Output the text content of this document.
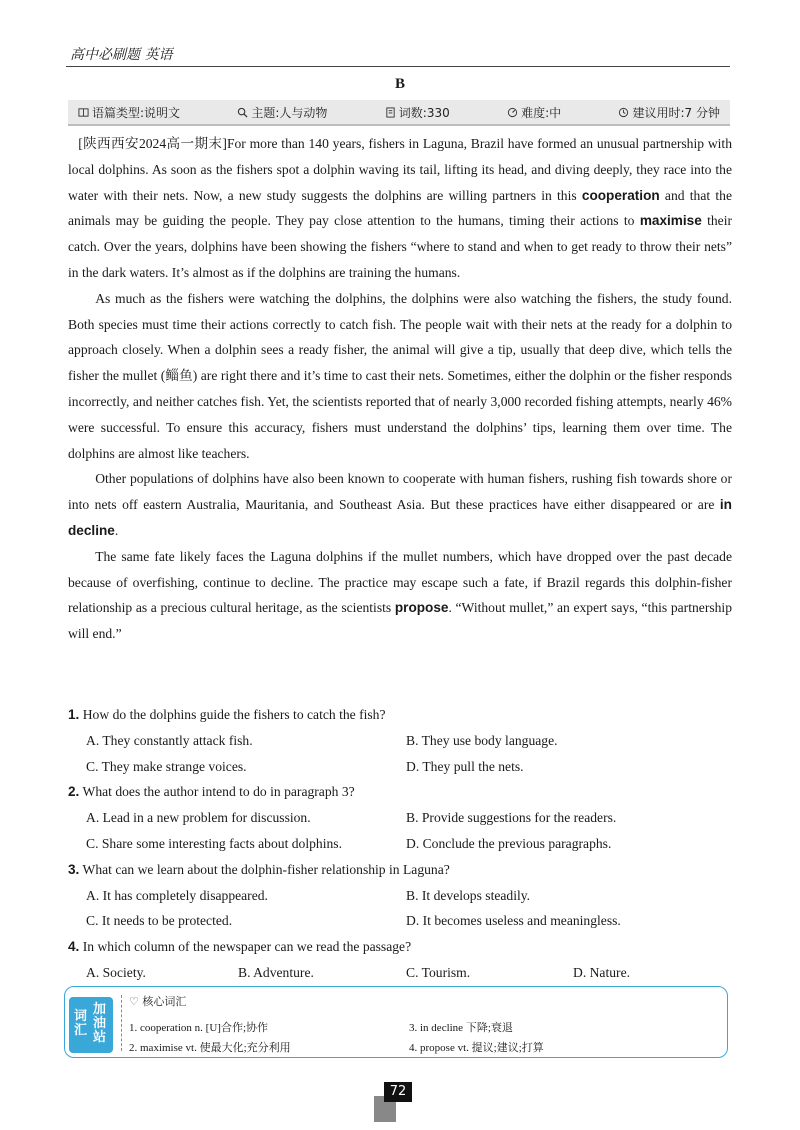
高中必刷题 英语
B
语篇类型:说明文	主题:人与动物	词数:330	难度:中	建议用时:7 分钟

[陕西西安2024高一期末]For more than 140 years, fishers in Laguna, Brazil have formed an unusual partnership with local dolphins. As soon as the fishers spot a dolphin waving its tail, lifting its head, and diving deeply, they race into the water with their nets. Now, a new study suggests the dolphins are willing partners in this cooperation and that the animals may be guiding the people. They pay close attention to the humans, timing their actions to maximise their catch. Over the years, dolphins have been showing the fishers “where to stand and when to get ready to throw their nets” in the dark waters. It’s almost as if the dolphins are training the humans.

As much as the fishers were watching the dolphins, the dolphins were also watching the fishers, the study found. Both species must time their actions correctly to catch fish. The people wait with their nets at the ready for a dolphin to approach closely. When a dolphin sees a ready fisher, the animal will give a tip, usually that deep dive, which tells the fisher the mullet (鲻鱼) are right there and it’s time to cast their nets. Sometimes, either the dolphin or the fisher responds incorrectly, and neither catches fish. Yet, the scientists reported that of nearly 3,000 recorded fishing attempts, nearly 46% were successful. To ensure this accuracy, fishers must understand the dolphins’ tips, learning them over time. The dolphins are almost like teachers.

Other populations of dolphins have also been known to cooperate with human fishers, rushing fish towards shore or into nets off eastern Australia, Mauritania, and Southeast Asia. But these practices have either disappeared or are in decline.

The same fate likely faces the Laguna dolphins if the mullet numbers, which have dropped over the past decade because of overfishing, continue to decline. The practice may escape such a fate, if Brazil regards this dolphin-fisher relationship as a precious cultural heritage, as the scientists propose. “Without mullet,” an expert says, “this partnership will end.”

1. How do the dolphins guide the fishers to catch the fish?
A. They constantly attack fish.	B. They use body language.
C. They make strange voices.	D. They pull the nets.
2. What does the author intend to do in paragraph 3?
A. Lead in a new problem for discussion.	B. Provide suggestions for the readers.
C. Share some interesting facts about dolphins.	D. Conclude the previous paragraphs.
3. What can we learn about the dolphin-fisher relationship in Laguna?
A. It has completely disappeared.	B. It develops steadily.
C. It needs to be protected.	D. It becomes useless and meaningless.
4. In which column of the newspaper can we read the passage?
A. Society.	B. Adventure.	C. Tourism.	D. Nature.
词汇
加油站
♡ 核心词汇
1. cooperation n. [U]合作;协作
2. maximise vt. 使最大化;充分利用
3. in decline 下降;衰退
4. propose vt. 提议;建议;打算
72
